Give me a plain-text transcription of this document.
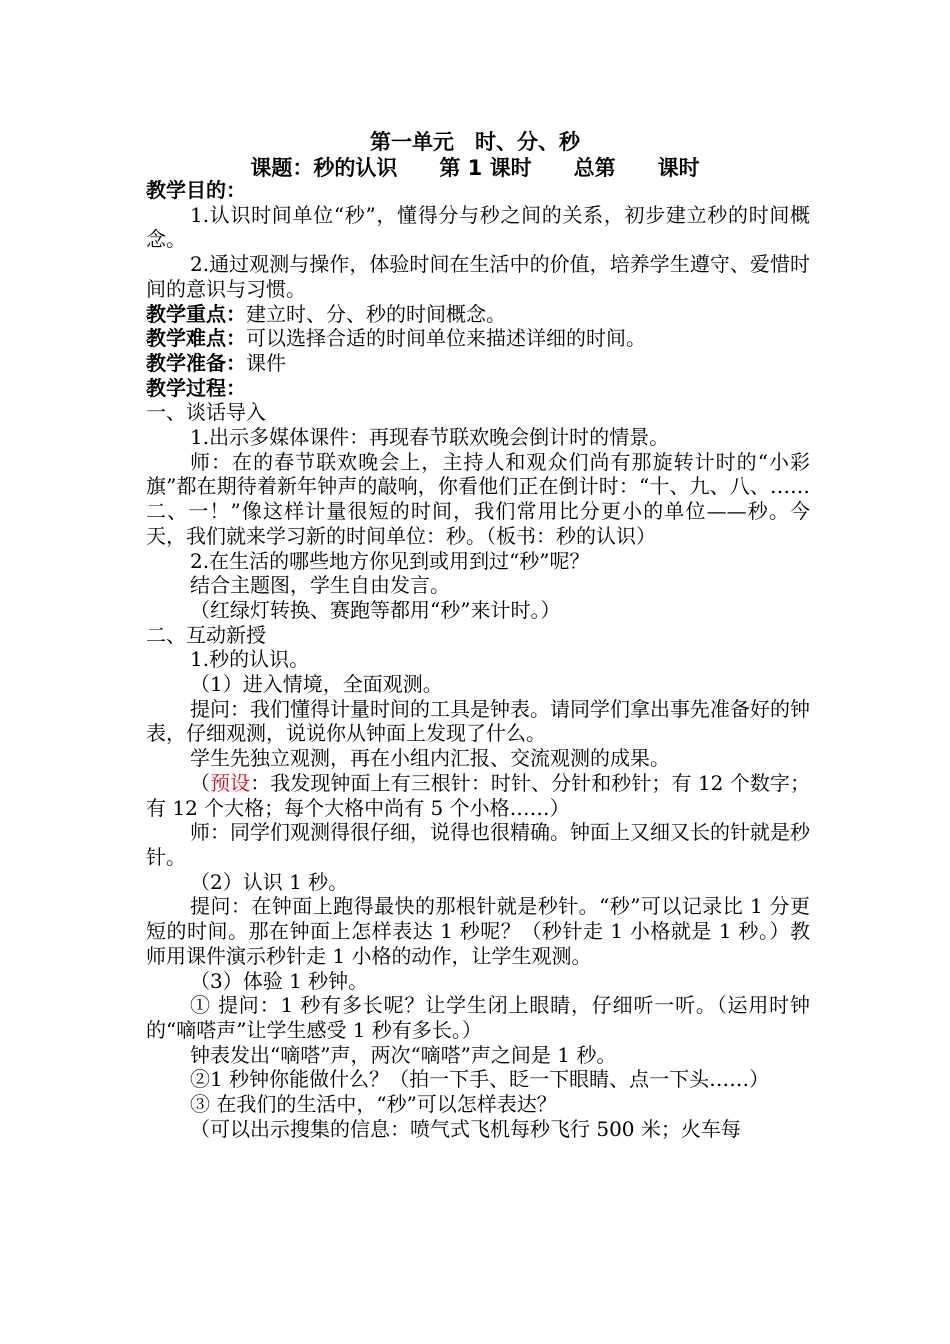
第一单元　时、分、秒
课题：秒的认识　　第 1 课时　　总第　　课时

教学目的：

1.认识时间单位“秒”，懂得分与秒之间的关系，初步建立秒的时间概念。

2.通过观测与操作，体验时间在生活中的价值，培养学生遵守、爱惜时间的意识与习惯。

教学重点：建立时、分、秒的时间概念。

教学难点：可以选择合适的时间单位来描述详细的时间。

教学准备：课件

教学过程：

一、谈话导入

1.出示多媒体课件：再现春节联欢晚会倒计时的情景。

师：在的春节联欢晚会上，主持人和观众们尚有那旋转计时的“小彩旗”都在期待着新年钟声的敲响，你看他们正在倒计时：“十、九、八、……二、一！”像这样计量很短的时间，我们常用比分更小的单位——秒。今天，我们就来学习新的时间单位：秒。（板书：秒的认识）

2.在生活的哪些地方你见到或用到过“秒”呢？

结合主题图，学生自由发言。

（红绿灯转换、赛跑等都用“秒”来计时。）

二、互动新授

1.秒的认识。

（1）进入情境，全面观测。

提问：我们懂得计量时间的工具是钟表。请同学们拿出事先准备好的钟表，仔细观测，说说你从钟面上发现了什么。

学生先独立观测，再在小组内汇报、交流观测的成果。

（预设：我发现钟面上有三根针：时针、分针和秒针；有 12 个数字；有 12 个大格；每个大格中尚有 5 个小格……）

师：同学们观测得很仔细，说得也很精确。钟面上又细又长的针就是秒针。

（2）认识 1 秒。

提问：在钟面上跑得最快的那根针就是秒针。“秒”可以记录比 1 分更短的时间。那在钟面上怎样表达 1 秒呢？（秒针走 1 小格就是 1 秒。）教师用课件演示秒针走 1 小格的动作，让学生观测。

（3）体验 1 秒钟。

① 提问：1 秒有多长呢？让学生闭上眼睛，仔细听一听。（运用时钟的“嘀嗒声”让学生感受 1 秒有多长。）

钟表发出“嘀嗒”声，两次“嘀嗒”声之间是 1 秒。

②1 秒钟你能做什么？（拍一下手、眨一下眼睛、点一下头……）

③ 在我们的生活中，“秒”可以怎样表达？

（可以出示搜集的信息：喷气式飞机每秒飞行 500 米；火车每
